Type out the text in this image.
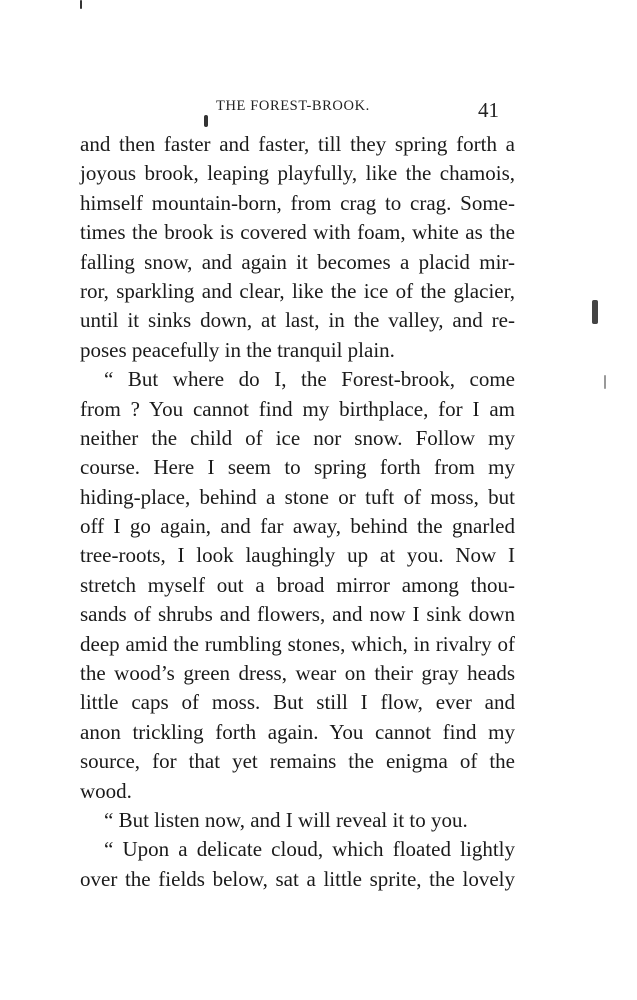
THE FOREST-BROOK.	41
and then faster and faster, till they spring forth a
joyous brook, leaping playfully, like the chamois,
himself mountain-born, from crag to crag. Some-
times the brook is covered with foam, white as the
falling snow, and again it becomes a placid mir-
ror, sparkling and clear, like the ice of the glacier,
until it sinks down, at last, in the valley, and re-
poses peacefully in the tranquil plain.
“ But where do I, the Forest-brook, come
from ? You cannot find my birthplace, for I am
neither the child of ice nor snow. Follow my
course. Here I seem to spring forth from my
hiding-place, behind a stone or tuft of moss, but
off I go again, and far away, behind the gnarled
tree-roots, I look laughingly up at you. Now I
stretch myself out a broad mirror among thou-
sands of shrubs and flowers, and now I sink down
deep amid the rumbling stones, which, in rivalry of
the wood’s green dress, wear on their gray heads
little caps of moss. But still I flow, ever and
anon trickling forth again. You cannot find my
source, for that yet remains the enigma of the
wood.
“ But listen now, and I will reveal it to you.
“ Upon a delicate cloud, which floated lightly
over the fields below, sat a little sprite, the lovely
